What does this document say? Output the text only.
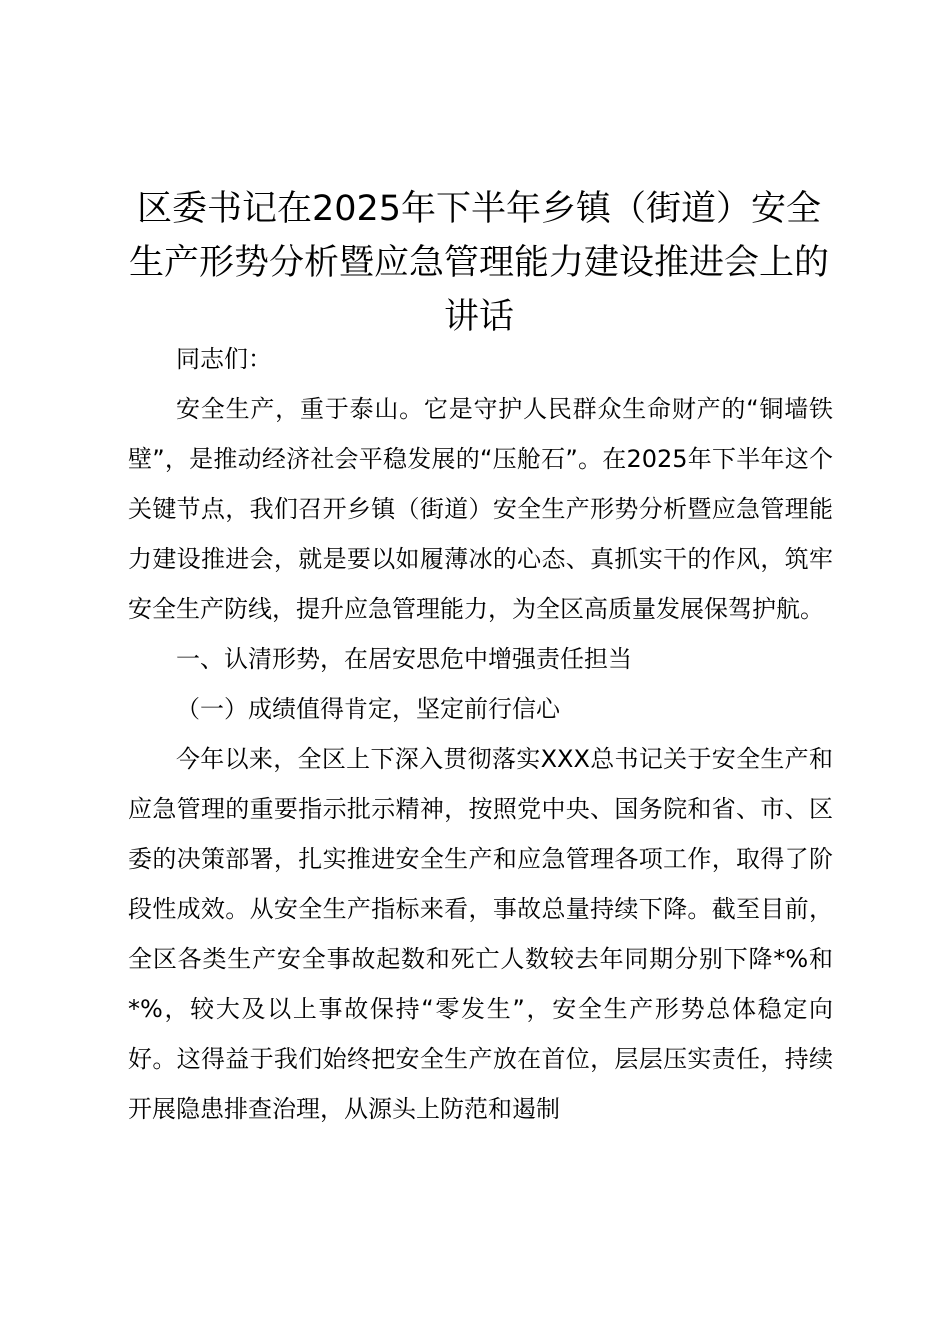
区委书记在2025年下半年乡镇（街道）安全生产形势分析暨应急管理能力建设推进会上的讲话

同志们：

安全生产，重于泰山。它是守护人民群众生命财产的“铜墙铁壁”，是推动经济社会平稳发展的“压舱石”。在2025年下半年这个关键节点，我们召开乡镇（街道）安全生产形势分析暨应急管理能力建设推进会，就是要以如履薄冰的心态、真抓实干的作风，筑牢安全生产防线，提升应急管理能力，为全区高质量发展保驾护航。

一、认清形势，在居安思危中增强责任担当

（一）成绩值得肯定，坚定前行信心

今年以来，全区上下深入贯彻落实XXX总书记关于安全生产和应急管理的重要指示批示精神，按照党中央、国务院和省、市、区委的决策部署，扎实推进安全生产和应急管理各项工作，取得了阶段性成效。从安全生产指标来看，事故总量持续下降。截至目前，全区各类生产安全事故起数和死亡人数较去年同期分别下降*%和*%，较大及以上事故保持“零发生”，安全生产形势总体稳定向好。这得益于我们始终把安全生产放在首位，层层压实责任，持续开展隐患排查治理，从源头上防范和遏制
